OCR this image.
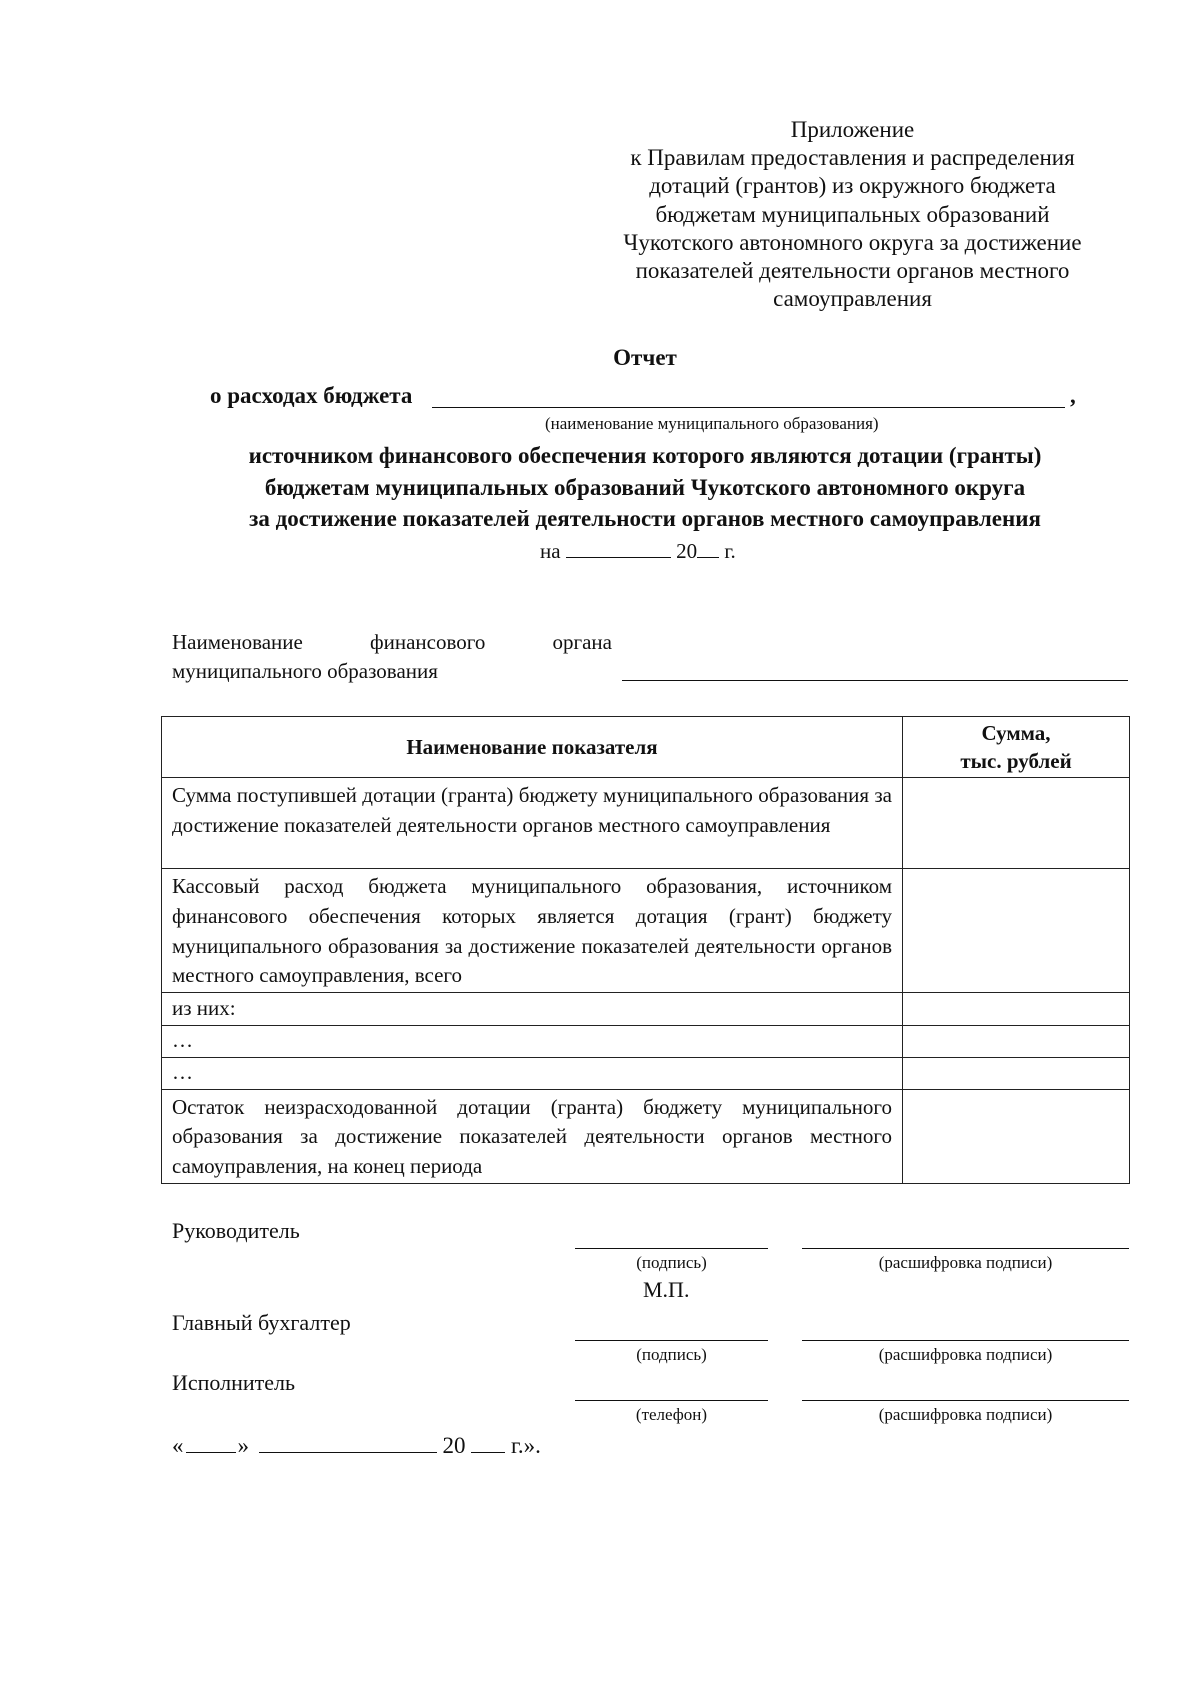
Приложение
к Правилам предоставления и распределения
дотаций (грантов) из окружного бюджета
бюджетам муниципальных образований
Чукотского автономного округа за достижение
показателей деятельности органов местного
самоуправления
Отчет
о расходах бюджета	,
(наименование муниципального образования)
источником финансового обеспечения которого являются дотации (гранты)
бюджетам муниципальных образований Чукотского автономного округа
за достижение показателей деятельности органов местного самоуправления
на	20 г.
Наименование	финансового	органа
муниципального образования
Наименование показателя	Сумма,
тыс. рублей

Сумма поступившей дотации (гранта) бюджету муниципального образования за достижение показателей деятельности органов местного самоуправления	
Кассовый расход бюджета муниципального образования, источником финансового обеспечения которых является дотация (грант) бюджету муниципального образования за достижение показателей деятельности органов местного самоуправления, всего	
из них:	
…	
…	
Остаток неизрасходованной дотации (гранта) бюджету муниципального образования за достижение показателей деятельности органов местного самоуправления, на конец периода	
Руководитель
(подпись)	(расшифровка подписи)
М.П.
Главный бухгалтер
(подпись)	(расшифровка подписи)
Исполнитель
(телефон)	(расшифровка подписи)
« »	20 г.».
